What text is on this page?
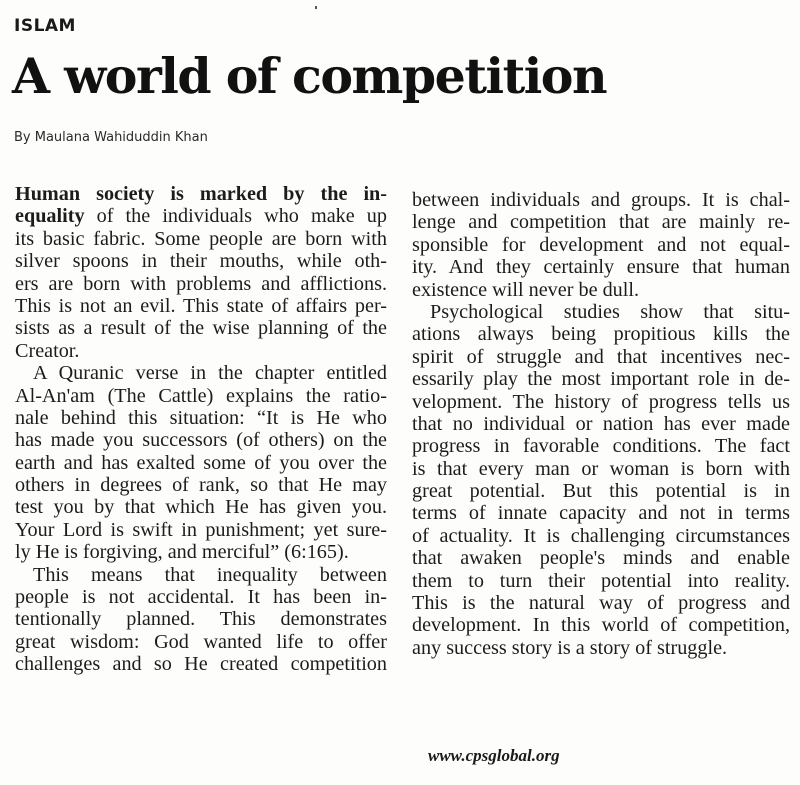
ISLAM
A world of competition
By Maulana Wahiduddin Khan
Human society is marked by the in-
equality of the individuals who make up
its basic fabric. Some people are born with
silver spoons in their mouths, while oth-
ers are born with problems and afflictions.
This is not an evil. This state of affairs per-
sists as a result of the wise planning of the
Creator.
A Quranic verse in the chapter entitled
Al-An'am (The Cattle) explains the ratio-
nale behind this situation: “It is He who
has made you successors (of others) on the
earth and has exalted some of you over the
others in degrees of rank, so that He may
test you by that which He has given you.
Your Lord is swift in punishment; yet sure-
ly He is forgiving, and merciful” (6:165).
This means that inequality between
people is not accidental. It has been in-
tentionally planned. This demonstrates
great wisdom: God wanted life to offer
challenges and so He created competition
between individuals and groups. It is chal-
lenge and competition that are mainly re-
sponsible for development and not equal-
ity. And they certainly ensure that human
existence will never be dull.
Psychological studies show that situ-
ations always being propitious kills the
spirit of struggle and that incentives nec-
essarily play the most important role in de-
velopment. The history of progress tells us
that no individual or nation has ever made
progress in favorable conditions. The fact
is that every man or woman is born with
great potential. But this potential is in
terms of innate capacity and not in terms
of actuality. It is challenging circumstances
that awaken people's minds and enable
them to turn their potential into reality.
This is the natural way of progress and
development. In this world of competition,
any success story is a story of struggle.
www.cpsglobal.org
